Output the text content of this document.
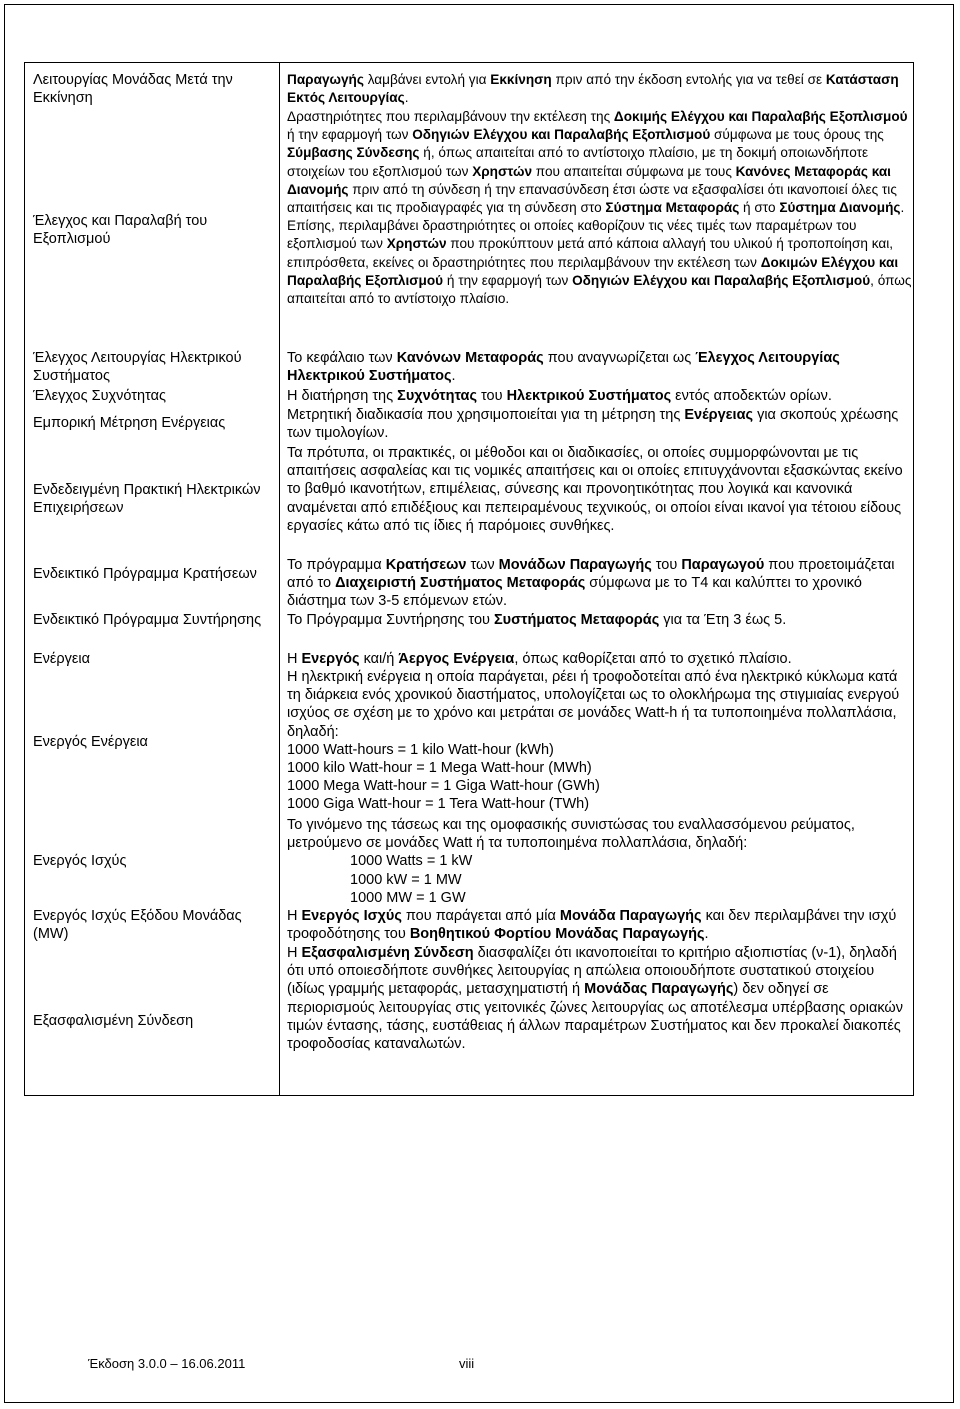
Λειτουργίας Μονάδας Μετά την Εκκίνηση

Έλεγχος και Παραλαβή του Εξοπλισμού

Έλεγχος Λειτουργίας Ηλεκτρικού Συστήματος

Έλεγχος Συχνότητας

Εμπορική Μέτρηση Ενέργειας

Ενδεδειγμένη Πρακτική Ηλεκτρικών Επιχειρήσεων

Ενδεικτικό Πρόγραμμα Κρατήσεων

Ενδεικτικό Πρόγραμμα Συντήρησης

Ενέργεια

Ενεργός Ενέργεια

Ενεργός Ισχύς

Ενεργός Ισχύς Εξόδου Μονάδας (MW)

Εξασφαλισμένη Σύνδεση

Παραγωγής λαμβάνει εντολή για Εκκίνηση πριν από την έκδοση εντολής για να τεθεί σε Κατάσταση Εκτός Λειτουργίας.

Δραστηριότητες που περιλαμβάνουν την εκτέλεση της Δοκιμής Ελέγχου και Παραλαβής Εξοπλισμού ή την εφαρμογή των Οδηγιών Ελέγχου και Παραλαβής Εξοπλισμού σύμφωνα με τους όρους της Σύμβασης Σύνδεσης ή, όπως απαιτείται από το αντίστοιχο πλαίσιο, με τη δοκιμή οποιωνδήποτε στοιχείων του εξοπλισμού των Χρηστών που απαιτείται σύμφωνα με τους Κανόνες Μεταφοράς και Διανομής πριν από τη σύνδεση ή την επανασύνδεση έτσι ώστε να εξασφαλίσει ότι ικανοποιεί όλες τις απαιτήσεις και τις προδιαγραφές για τη σύνδεση στο Σύστημα Μεταφοράς ή στο Σύστημα Διανομής. Επίσης, περιλαμβάνει δραστηριότητες οι οποίες καθορίζουν τις νέες τιμές των παραμέτρων του εξοπλισμού των Χρηστών που προκύπτουν μετά από κάποια αλλαγή του υλικού ή τροποποίηση και, επιπρόσθετα, εκείνες οι δραστηριότητες που περιλαμβάνουν την εκτέλεση των Δοκιμών Ελέγχου και Παραλαβής Εξοπλισμού ή την εφαρμογή των Οδηγιών Ελέγχου και Παραλαβής Εξοπλισμού, όπως απαιτείται από το αντίστοιχο πλαίσιο.

Το κεφάλαιο των Κανόνων Μεταφοράς που αναγνωρίζεται ως Έλεγχος Λειτουργίας Ηλεκτρικού Συστήματος.

Η διατήρηση της Συχνότητας του Ηλεκτρικού Συστήματος εντός αποδεκτών ορίων.

Μετρητική διαδικασία που χρησιμοποιείται για τη μέτρηση της Ενέργειας για σκοπούς χρέωσης των τιμολογίων.

Τα πρότυπα, οι πρακτικές, οι μέθοδοι και οι διαδικασίες, οι οποίες συμμορφώνονται με τις απαιτήσεις ασφαλείας και τις νομικές απαιτήσεις και οι οποίες επιτυγχάνονται εξασκώντας εκείνο το βαθμό ικανοτήτων, επιμέλειας, σύνεσης και προνοητικότητας που λογικά και κανονικά αναμένεται από επιδέξιους και πεπειραμένους τεχνικούς, οι οποίοι είναι ικανοί για τέτοιου είδους εργασίες κάτω από τις ίδιες ή παρόμοιες συνθήκες.

Το πρόγραμμα Κρατήσεων των Μονάδων Παραγωγής του Παραγωγού που προετοιμάζεται από το Διαχειριστή Συστήματος Μεταφοράς σύμφωνα με το T4 και καλύπτει το χρονικό διάστημα των 3-5 επόμενων ετών.

Το Πρόγραμμα Συντήρησης του Συστήματος Μεταφοράς για τα Έτη 3 έως 5.

Η Ενεργός και/ή Άεργος Ενέργεια, όπως καθορίζεται από το σχετικό πλαίσιο.

Η ηλεκτρική ενέργεια η οποία παράγεται, ρέει ή τροφοδοτείται από ένα ηλεκτρικό κύκλωμα κατά τη διάρκεια ενός χρονικού διαστήματος, υπολογίζεται ως το ολοκλήρωμα της στιγμιαίας ενεργού ισχύος σε σχέση με το χρόνο και μετράται σε μονάδες Watt-h ή τα τυποποιημένα πολλαπλάσια, δηλαδή:
1000 Watt-hours = 1 kilo Watt-hour (kWh)
1000 kilo Watt-hour = 1 Mega Watt-hour (MWh)
1000 Mega Watt-hour = 1 Giga Watt-hour (GWh)
1000 Giga Watt-hour = 1 Tera Watt-hour (TWh)
Το γινόμενο της τάσεως και της ομοφασικής συνιστώσας του εναλλασσόμενου ρεύματος, μετρούμενο σε μονάδες Watt ή τα τυποποιημένα πολλαπλάσια, δηλαδή:
1000 Watts = 1 kW
1000 kW = 1 MW
1000 MW = 1 GW

Η Ενεργός Ισχύς που παράγεται από μία Μονάδα Παραγωγής και δεν περιλαμβάνει την ισχύ τροφοδότησης του Βοηθητικού Φορτίου Μονάδας Παραγωγής.

Η Εξασφαλισμένη Σύνδεση διασφαλίζει ότι ικανοποιείται το κριτήριο αξιοπιστίας (ν-1), δηλαδή ότι υπό οποιεσδήποτε συνθήκες λειτουργίας η απώλεια οποιουδήποτε συστατικού στοιχείου (ιδίως γραμμής μεταφοράς, μετασχηματιστή ή Μονάδας Παραγωγής) δεν οδηγεί σε περιορισμούς λειτουργίας στις γειτονικές ζώνες λειτουργίας ως αποτέλεσμα υπέρβασης οριακών τιμών έντασης, τάσης, ευστάθειας ή άλλων παραμέτρων Συστήματος και δεν προκαλεί διακοπές τροφοδοσίας καταναλωτών.

Έκδοση 3.0.0 – 16.06.2011	viii
